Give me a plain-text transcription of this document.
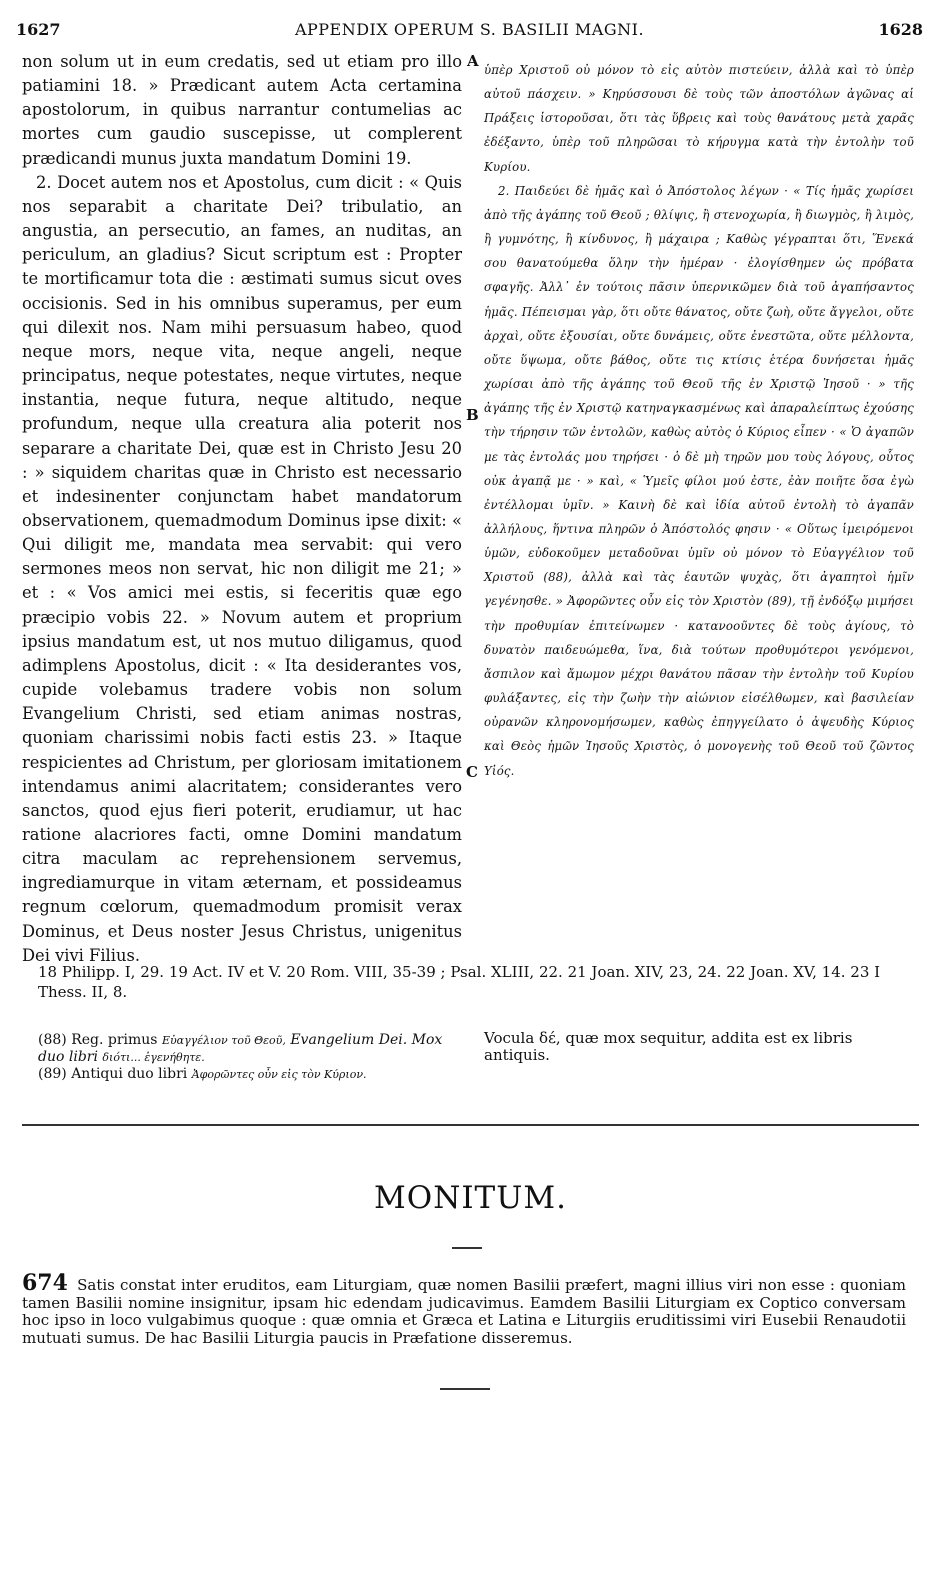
1627	APPENDIX OPERUM S. BASILII MAGNI.	1628

non solum ut in eum credatis, sed ut etiam pro illo patiamini 18. » Prædicant autem Acta certamina apostolorum, in quibus narrantur contumelias ac mortes cum gaudio suscepisse, ut complerent prædicandi munus juxta mandatum Domini 19.

2. Docet autem nos et Apostolus, cum dicit : « Quis nos separabit a charitate Dei? tribulatio, an angustia, an persecutio, an fames, an nuditas, an periculum, an gladius? Sicut scriptum est : Propter te mortificamur tota die : æstimati sumus sicut oves occisionis. Sed in his omnibus superamus, per eum qui dilexit nos. Nam mihi persuasum habeo, quod neque mors, neque vita, neque angeli, neque principatus, neque potestates, neque virtutes, neque instantia, neque futura, neque altitudo, neque profundum, neque ulla creatura alia poterit nos separare a charitate Dei, quæ est in Christo Jesu 20 : » siquidem charitas quæ in Christo est necessario et indesinenter conjunctam habet mandatorum observationem, quemadmodum Dominus ipse dixit: « Qui diligit me, mandata mea servabit: qui vero sermones meos non servat, hic non diligit me 21; » et : « Vos amici mei estis, si feceritis quæ ego præcipio vobis 22. » Novum autem et proprium ipsius mandatum est, ut nos mutuo diligamus, quod adimplens Apostolus, dicit : « Ita desiderantes vos, cupide volebamus tradere vobis non solum Evangelium Christi, sed etiam animas nostras, quoniam charissimi nobis facti estis 23. » Itaque respicientes ad Christum, per gloriosam imitationem intendamus animi alacritatem; considerantes vero sanctos, quod ejus fieri poterit, erudiamur, ut hac ratione alacriores facti, omne Domini mandatum citra maculam ac reprehensionem servemus, ingrediamurque in vitam æternam, et possideamus regnum cœlorum, quemadmodum promisit verax Dominus, et Deus noster Jesus Christus, unigenitus Dei vivi Filius.

A
B
C

ὑπὲρ Χριστοῦ οὐ μόνον τὸ εἰς αὐτὸν πιστεύειν, ἀλλὰ καὶ τὸ ὑπὲρ αὐτοῦ πάσχειν. » Κηρύσσουσι δὲ τοὺς τῶν ἀποστόλων ἀγῶνας αἱ Πράξεις ἱστοροῦσαι, ὅτι τὰς ὕβρεις καὶ τοὺς θανάτους μετὰ χαρᾶς ἐδέξαντο, ὑπὲρ τοῦ πληρῶσαι τὸ κήρυγμα κατὰ τὴν ἐντολὴν τοῦ Κυρίου.

2. Παιδεύει δὲ ἡμᾶς καὶ ὁ Ἀπόστολος λέγων · « Τίς ἡμᾶς χωρίσει ἀπὸ τῆς ἀγάπης τοῦ Θεοῦ ; θλίψις, ἢ στενοχωρία, ἢ διωγμὸς, ἢ λιμὸς, ἢ γυμνότης, ἢ κίνδυνος, ἢ μάχαιρα ; Καθὼς γέγραπται ὅτι, Ἕνεκά σου θανατούμεθα ὅλην τὴν ἡμέραν · ἐλογίσθημεν ὡς πρόβατα σφαγῆς. Ἀλλ᾽ ἐν τούτοις πᾶσιν ὑπερνικῶμεν διὰ τοῦ ἀγαπήσαντος ἡμᾶς. Πέπεισμαι γὰρ, ὅτι οὔτε θάνατος, οὔτε ζωὴ, οὔτε ἄγγελοι, οὔτε ἀρχαὶ, οὔτε ἐξουσίαι, οὔτε δυνάμεις, οὔτε ἐνεστῶτα, οὔτε μέλλοντα, οὔτε ὕψωμα, οὔτε βάθος, οὔτε τις κτίσις ἑτέρα δυνήσεται ἡμᾶς χωρίσαι ἀπὸ τῆς ἀγάπης τοῦ Θεοῦ τῆς ἐν Χριστῷ Ἰησοῦ · » τῆς ἀγάπης τῆς ἐν Χριστῷ κατηναγκασμένως καὶ ἀπαραλείπτως ἐχούσης τὴν τήρησιν τῶν ἐντολῶν, καθὼς αὐτὸς ὁ Κύριος εἶπεν · « Ὁ ἀγαπῶν με τὰς ἐντολάς μου τηρήσει · ὁ δὲ μὴ τηρῶν μου τοὺς λόγους, οὗτος οὐκ ἀγαπᾷ με · » καὶ, « Ὑμεῖς φίλοι μού ἐστε, ἐὰν ποιῆτε ὅσα ἐγὼ ἐντέλλομαι ὑμῖν. » Καινὴ δὲ καὶ ἰδία αὐτοῦ ἐντολὴ τὸ ἀγαπᾶν ἀλλήλους, ἥντινα πληρῶν ὁ Ἀπόστολός φησιν · « Οὕτως ἱμειρόμενοι ὑμῶν, εὐδοκοῦμεν μεταδοῦναι ὑμῖν οὐ μόνον τὸ Εὐαγγέλιον τοῦ Χριστοῦ (88), ἀλλὰ καὶ τὰς ἑαυτῶν ψυχὰς, ὅτι ἀγαπητοὶ ἡμῖν γεγένησθε. » Ἀφορῶντες οὖν εἰς τὸν Χριστὸν (89), τῇ ἐνδόξῳ μιμήσει τὴν προθυμίαν ἐπιτείνωμεν · κατανοοῦντες δὲ τοὺς ἁγίους, τὸ δυνατὸν παιδευώμεθα, ἵνα, διὰ τούτων προθυμότεροι γενόμενοι, ἄσπιλον καὶ ἄμωμον μέχρι θανάτου πᾶσαν τὴν ἐντολὴν τοῦ Κυρίου φυλάξαντες, εἰς τὴν ζωὴν τὴν αἰώνιον εἰσέλθωμεν, καὶ βασιλείαν οὐρανῶν κληρονομήσωμεν, καθὼς ἐπηγγείλατο ὁ ἀψευδὴς Κύριος καὶ Θεὸς ἡμῶν Ἰησοῦς Χριστὸς, ὁ μονογενὴς τοῦ Θεοῦ τοῦ ζῶντος Υἱός.

18 Philipp. I, 29. 19 Act. IV et V. 20 Rom. VIII, 35-39 ; Psal. XLIII, 22. 21 Joan. XIV, 23, 24. 22 Joan. XV, 14. 23 I Thess. II, 8.

(88) Reg. primus Εὐαγγέλιον τοῦ Θεοῦ, Evangelium Dei. Mox duo libri διότι... ἐγενήθητε.

(89) Antiqui duo libri Ἀφορῶντες οὖν εἰς τὸν Κύριον.

Vocula δέ, quæ mox sequitur, addita est ex libris antiquis.
MONITUM.
674 Satis constat inter eruditos, eam Liturgiam, quæ nomen Basilii præfert, magni illius viri non esse : quoniam tamen Basilii nomine insignitur, ipsam hic edendam judicavimus. Eamdem Basilii Liturgiam ex Coptico conversam hoc ipso in loco vulgabimus quoque : quæ omnia et Græca et Latina e Liturgiis eruditissimi viri Eusebii Renaudotii mutuati sumus. De hac Basilii Liturgia paucis in Præfatione disseremus.
